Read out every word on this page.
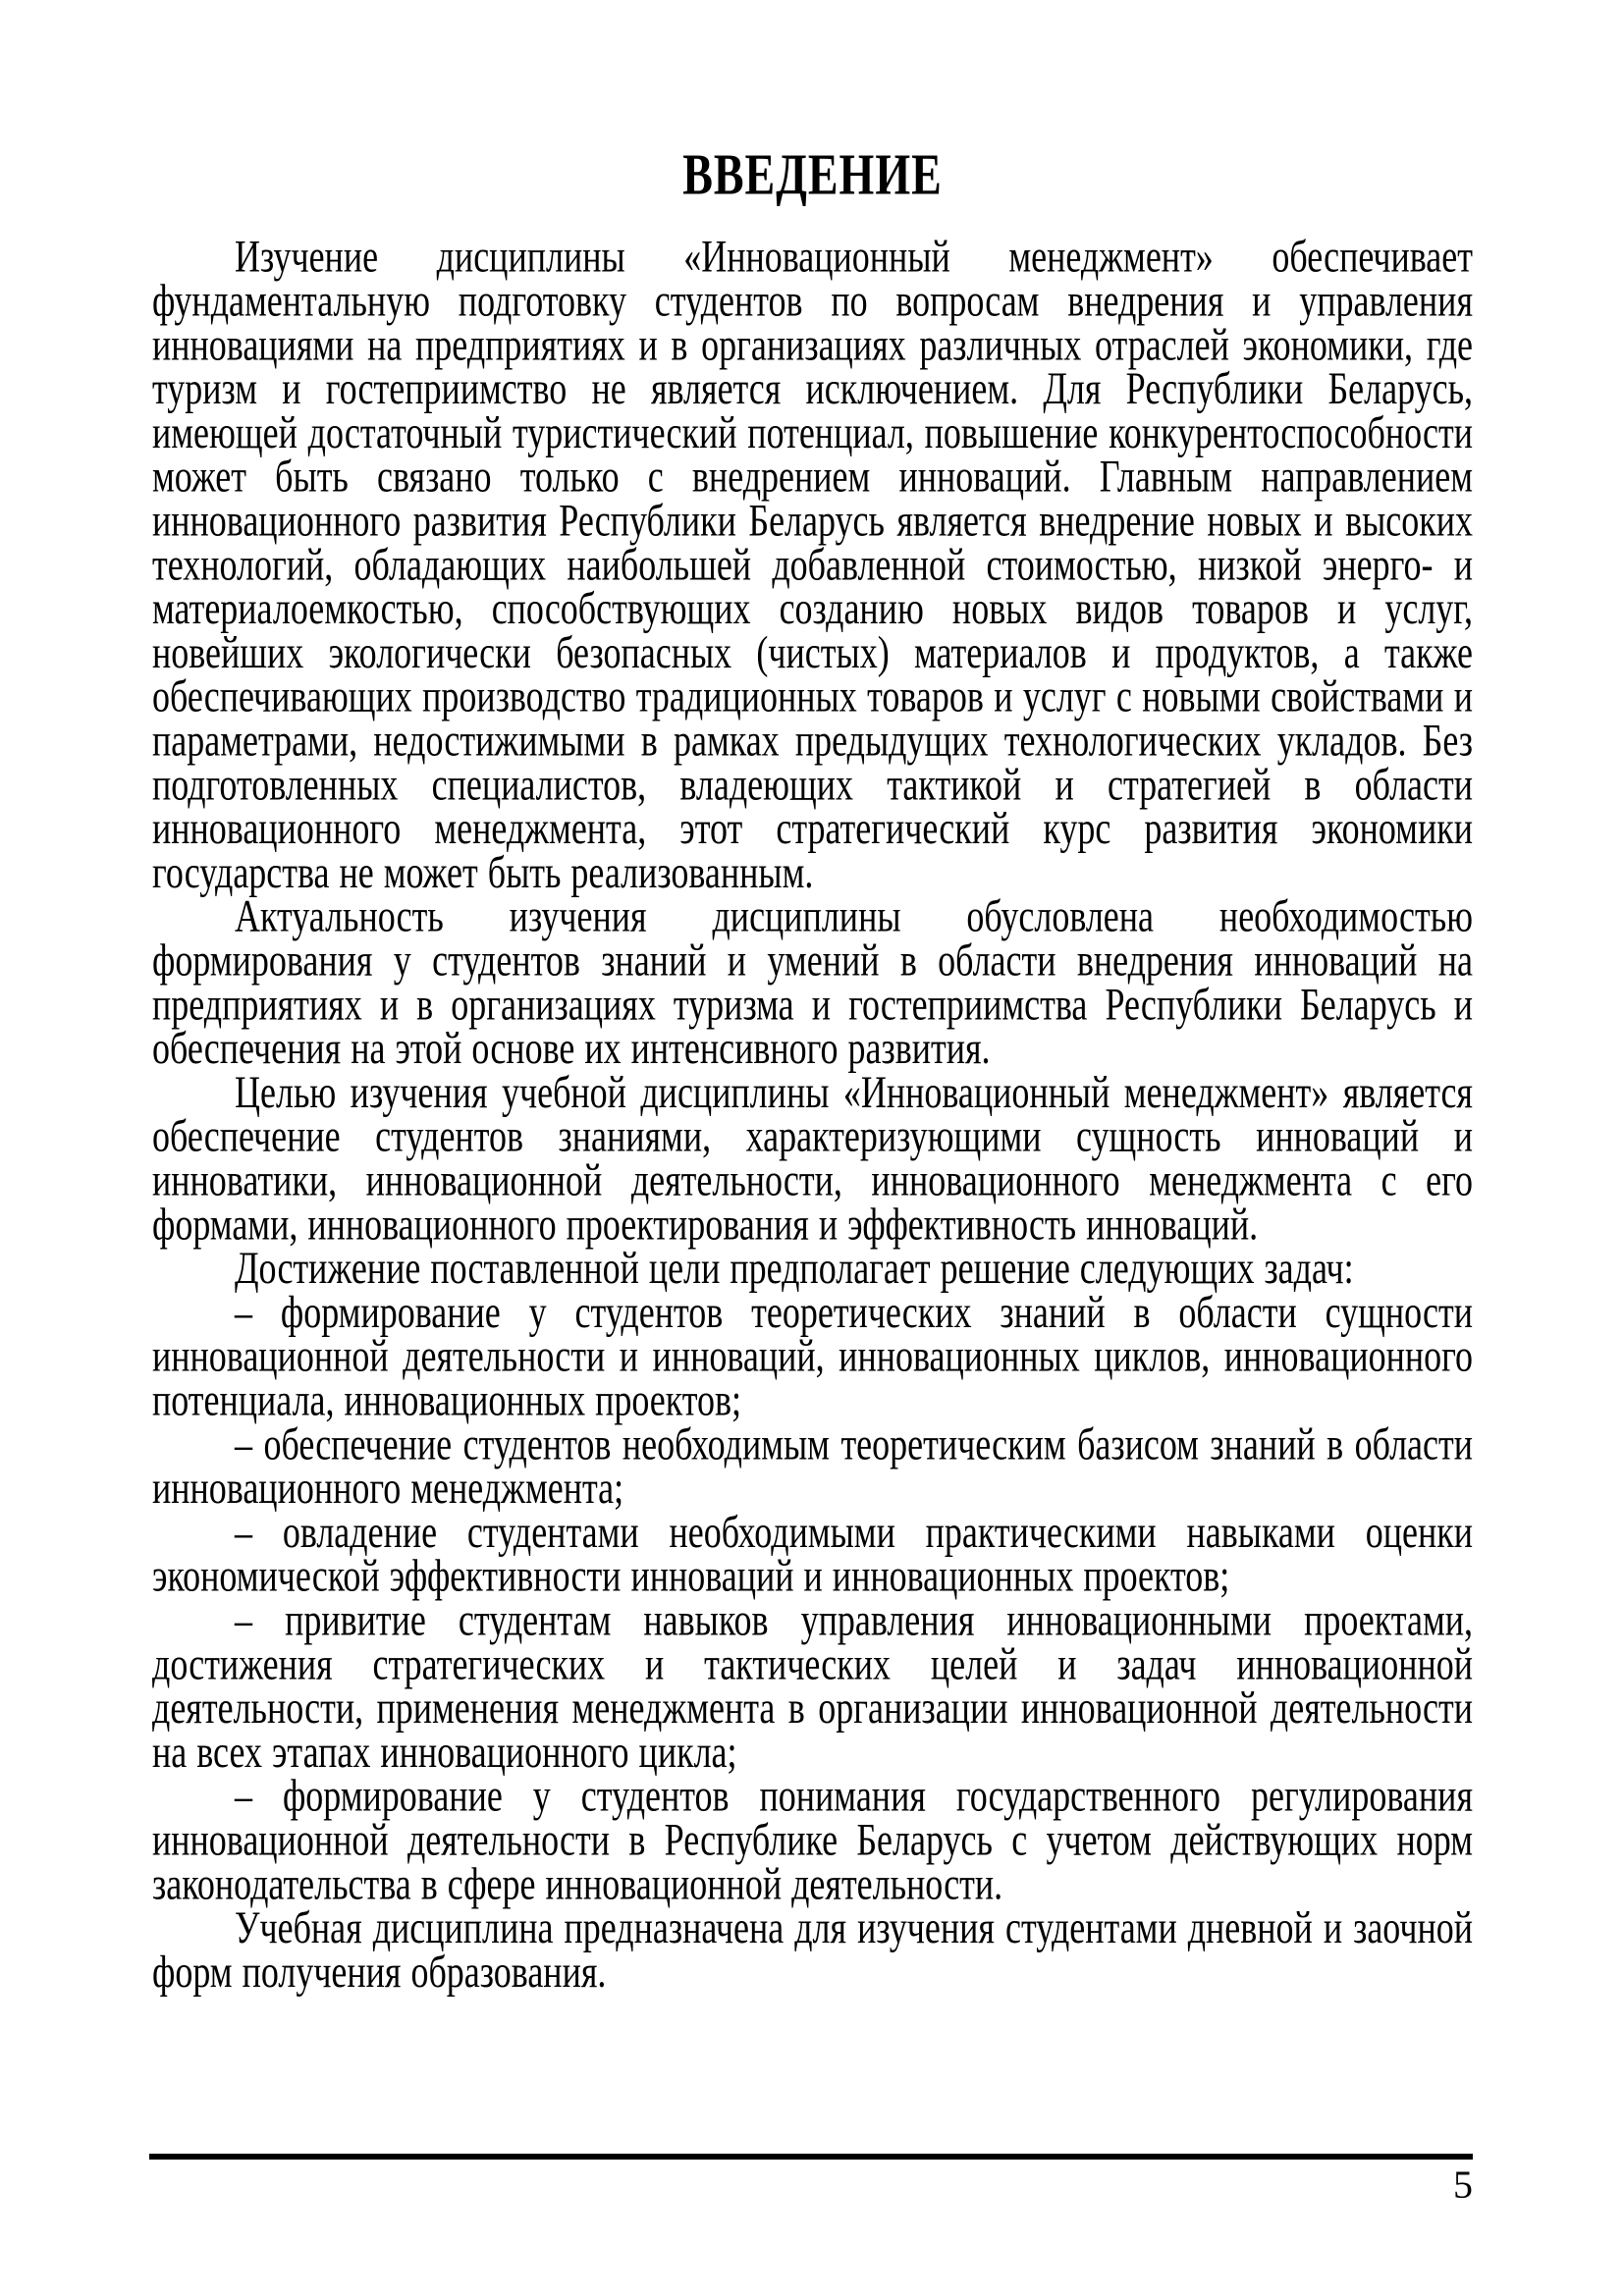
ВВЕДЕНИЕ

Изучение дисциплины «Инновационный менеджмент» обеспечивает фундаментальную подготовку студентов по вопросам внедрения и управления инновациями на предприятиях и в организациях различных отраслей экономики, где туризм и гостеприимство не является исключением. Для Республики Беларусь, имеющей достаточный туристический потенциал, повышение конкурентоспособности может быть связано только с внедрением инноваций. Главным направлением инновационного развития Республики Беларусь является внедрение новых и высоких технологий, обладающих наибольшей добавленной стоимостью, низкой энерго- и материалоемкостью, способствующих созданию новых видов товаров и услуг, новейших экологически безопасных (чистых) материалов и продуктов, а также обеспечивающих производство традиционных товаров и услуг с новыми свойствами и параметрами, недостижимыми в рамках предыдущих технологических укладов. Без подготовленных специалистов, владеющих тактикой и стратегией в области инновационного менеджмента, этот стратегический курс развития экономики государства не может быть реализованным.

Актуальность изучения дисциплины обусловлена необходимостью формирования у студентов знаний и умений в области внедрения инноваций на предприятиях и в организациях туризма и гостеприимства Республики Беларусь и обеспечения на этой основе их интенсивного развития.

Целью изучения учебной дисциплины «Инновационный менеджмент» является обеспечение студентов знаниями, характеризующими сущность инноваций и инноватики, инновационной деятельности, инновационного менеджмента с его формами, инновационного проектирования и эффективность инноваций.

Достижение поставленной цели предполагает решение следующих задач:

– формирование у студентов теоретических знаний в области сущности инновационной деятельности и инноваций, инновационных циклов, инновационного потенциала, инновационных проектов;

– обеспечение студентов необходимым теоретическим базисом знаний в области инновационного менеджмента;

– овладение студентами необходимыми практическими навыками оценки экономической эффективности инноваций и инновационных проектов;

– привитие студентам навыков управления инновационными проектами, достижения стратегических и тактических целей и задач инновационной деятельности, применения менеджмента в организации инновационной деятельности на всех этапах инновационного цикла;

– формирование у студентов понимания государственного регулирования инновационной деятельности в Республике Беларусь с учетом действующих норм законодательства в сфере инновационной деятельности.

Учебная дисциплина предназначена для изучения студентами дневной и заочной форм получения образования.

5
